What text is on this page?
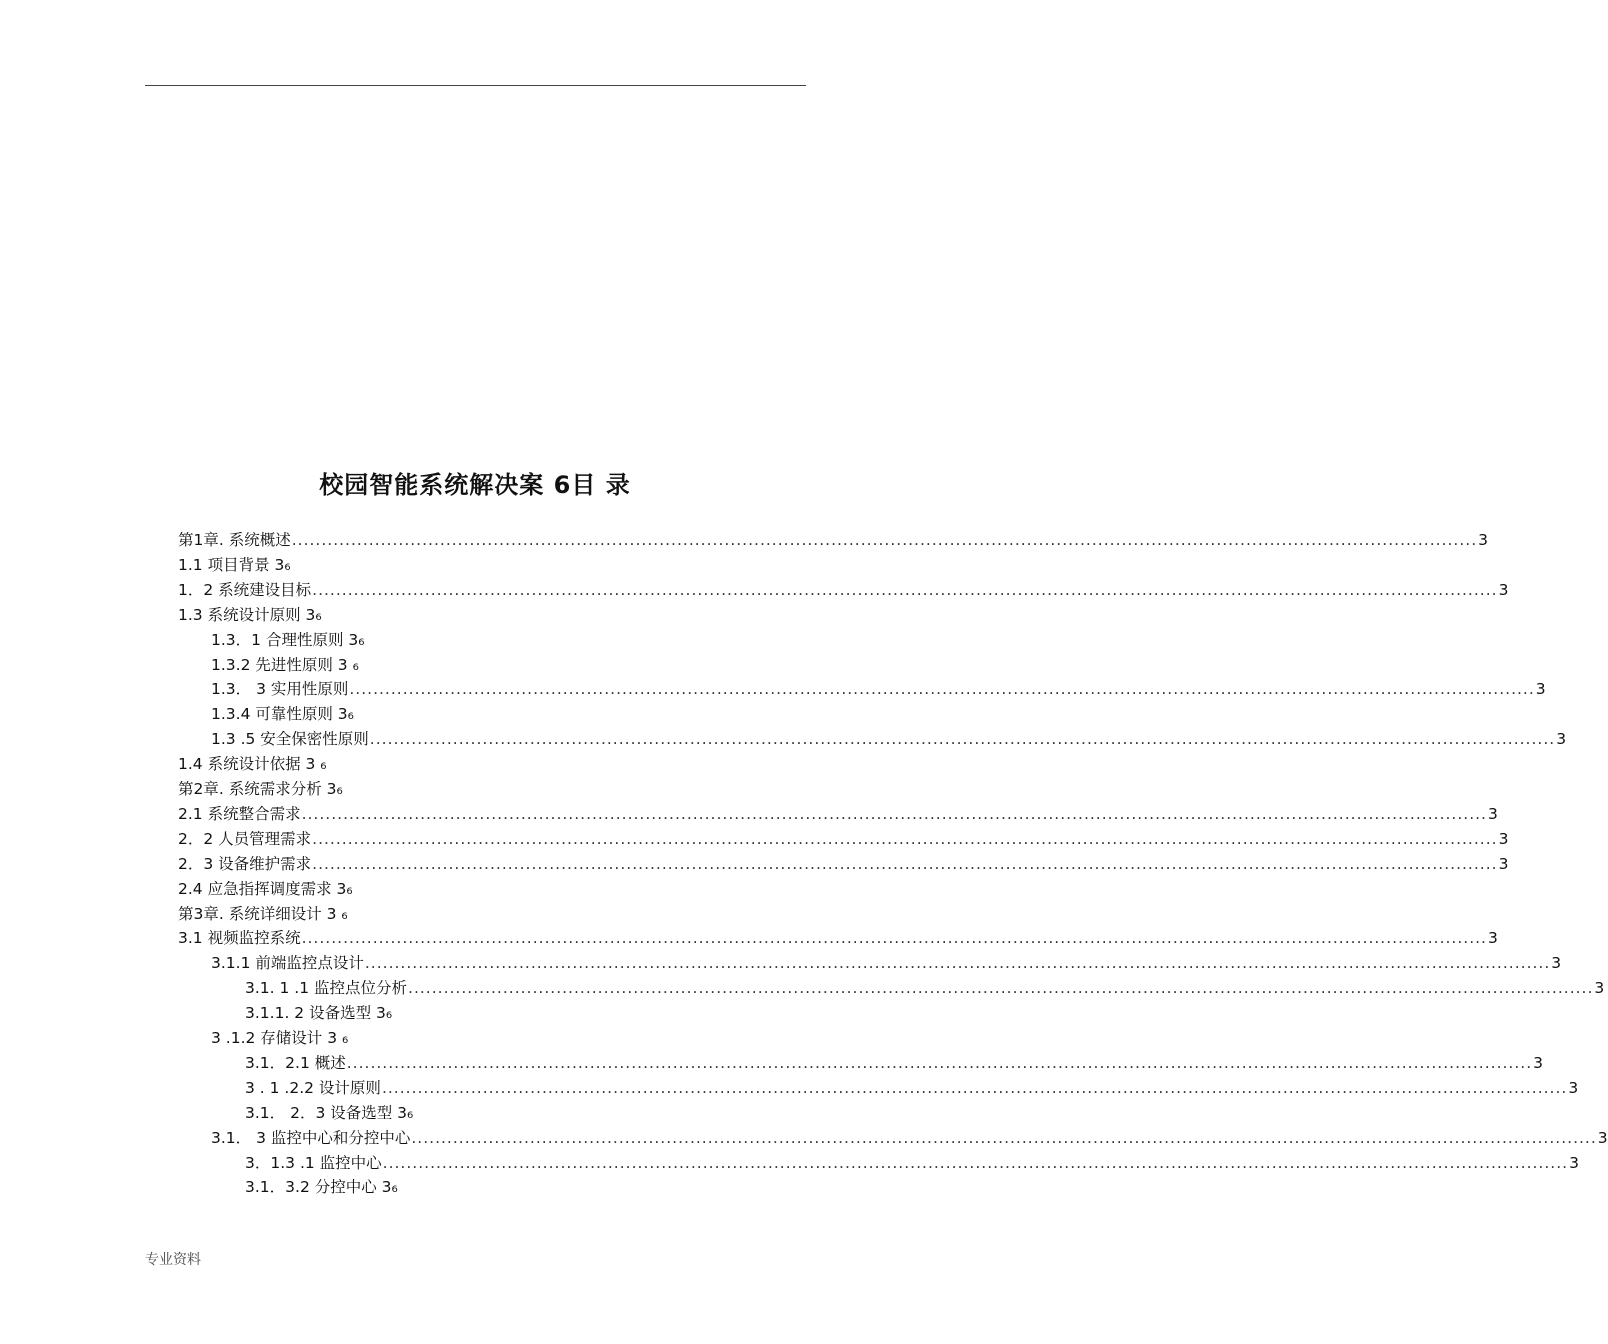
校园智能系统解决案 6目 录
第1章. 系统概述 ........................................................................................................................................................................................................ 3
1.1 项目背景 3₆
1．2 系统建设目标 ........................................................................................................................................................................................................ 3
1.3 系统设计原则 3₆
1.3．1 合理性原则 3₆
1.3.2 先进性原则 3 ₆
1.3． 3 实用性原则 ........................................................................................................................................................................................................ 3
1.3.4 可靠性原则 3₆
1.3 .5 安全保密性原则 ........................................................................................................................................................................................................ 3
1.4 系统设计依据 3 ₆
第2章. 系统需求分析 3₆
2.1 系统整合需求 ........................................................................................................................................................................................................ 3
2．2 人员管理需求 ........................................................................................................................................................................................................ 3
2．3 设备维护需求 ........................................................................................................................................................................................................ 3
2.4 应急指挥调度需求 3₆
第3章. 系统详细设计 3 ₆
3.1 视频监控系统 ........................................................................................................................................................................................................ 3
3.1.1 前端监控点设计 ........................................................................................................................................................................................................ 3
3.1. 1 .1 监控点位分析 ........................................................................................................................................................................................................ 3
3.1.1. 2 设备选型 3₆
3 .1.2 存储设计 3 ₆
3.1．2.1 概述 ........................................................................................................................................................................................................ 3
3 . 1 .2.2 设计原则 ........................................................................................................................................................................................................ 3
3.1． 2．3 设备选型 3₆
3.1． 3 监控中心和分控中心 ........................................................................................................................................................................................................ 3
3．1.3 .1 监控中心 ........................................................................................................................................................................................................ 3
3.1．3.2 分控中心 3₆
专业资料
